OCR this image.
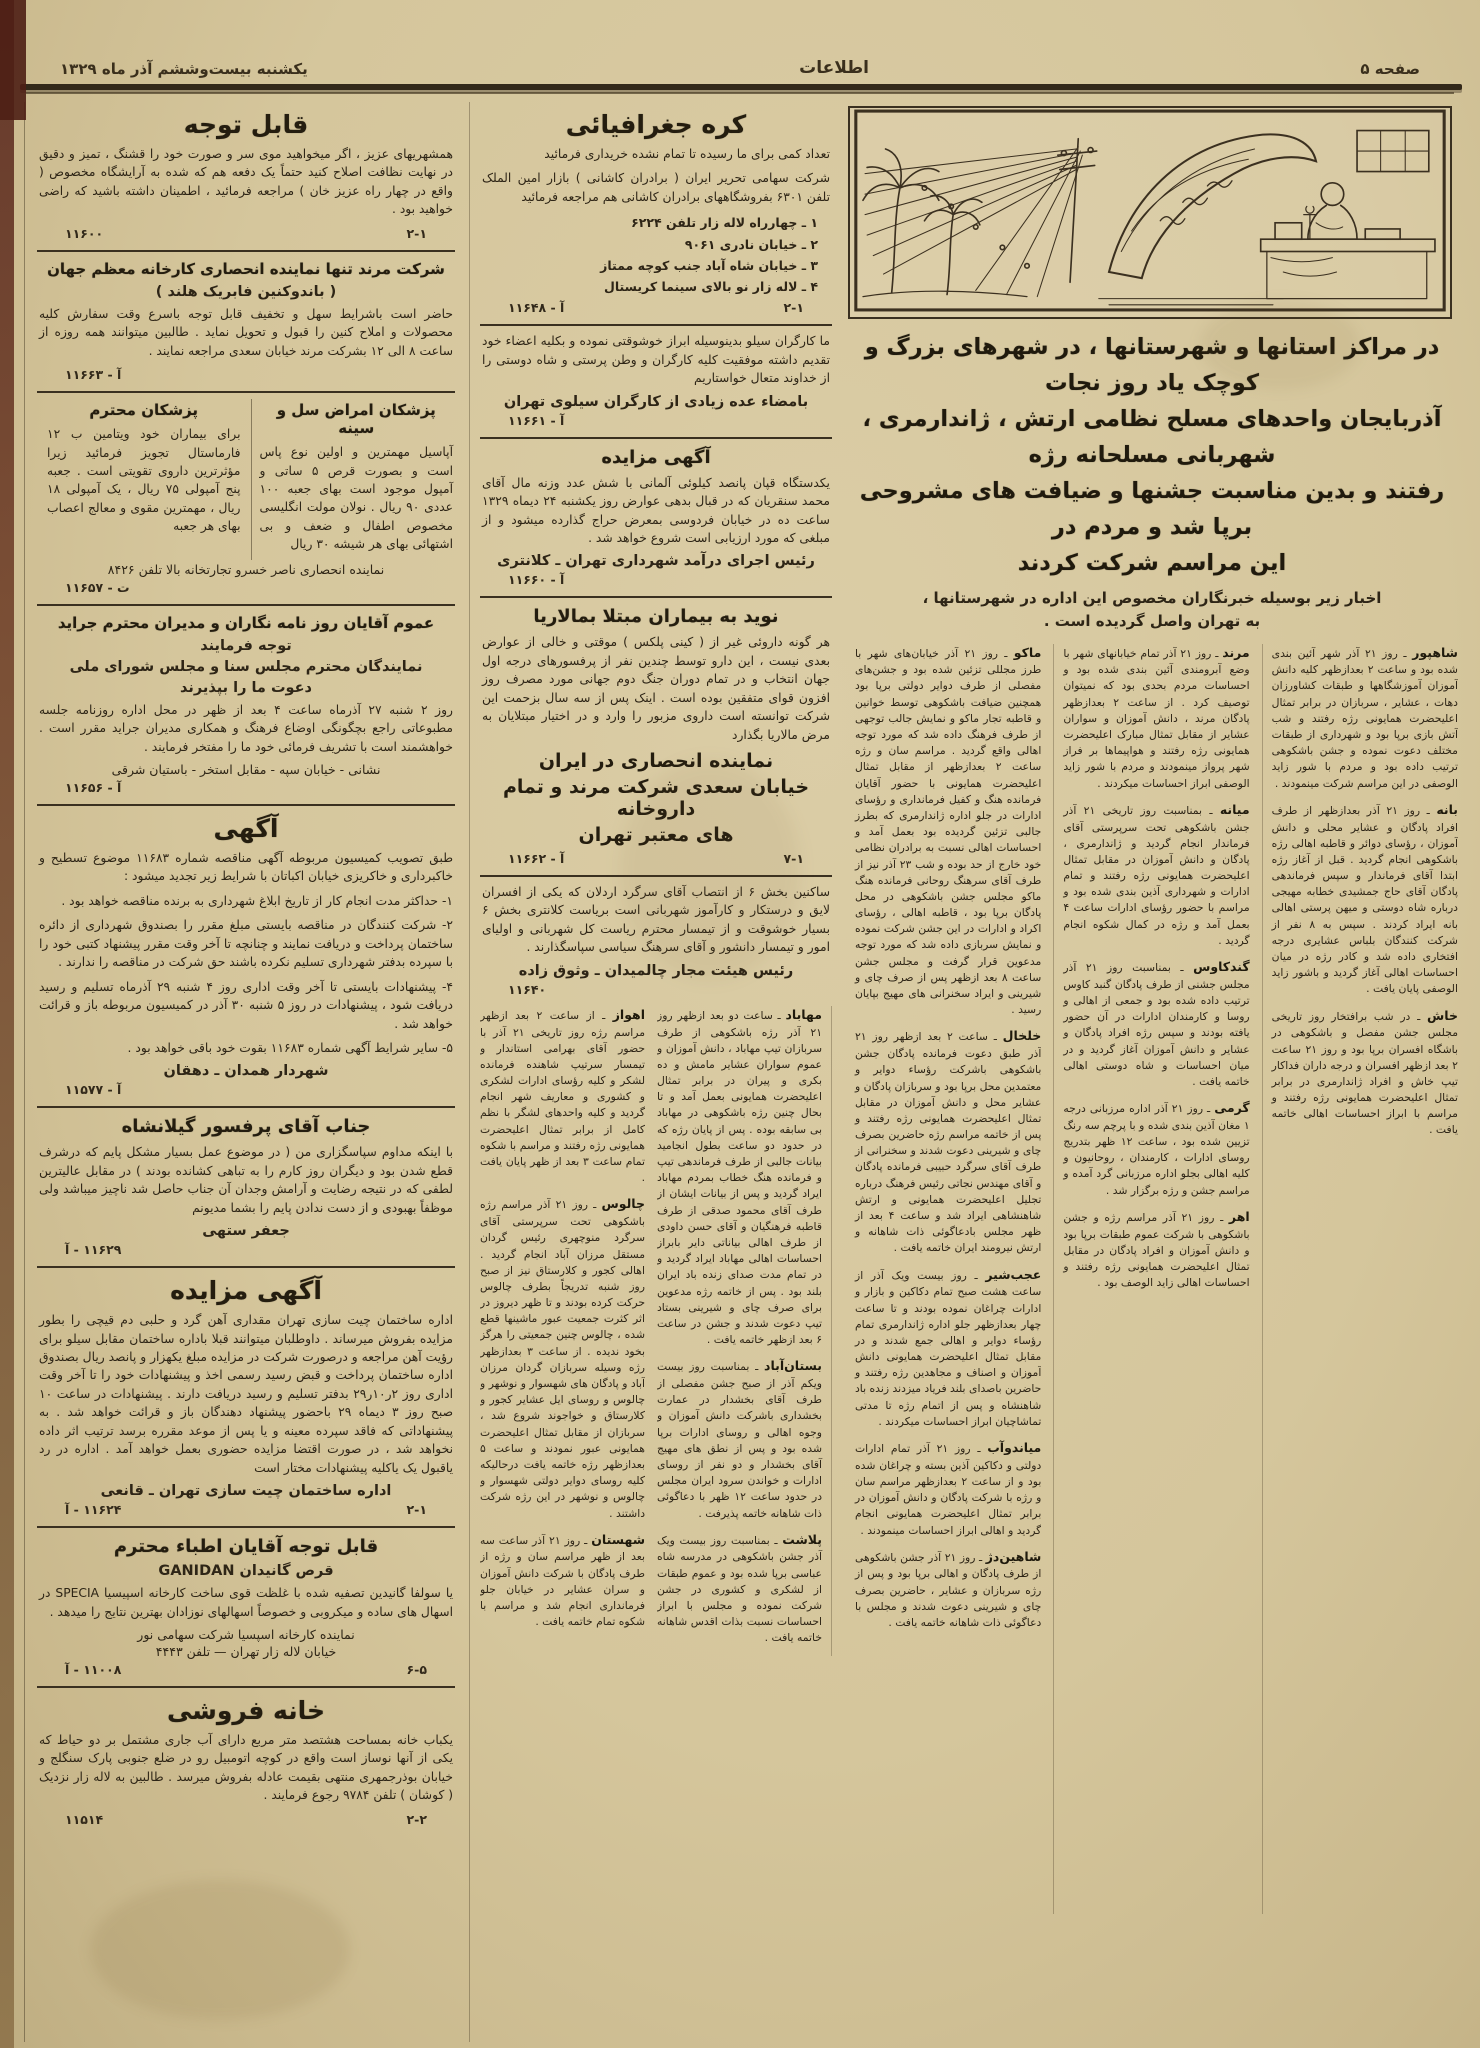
صفحه ۵
اطلاعات
یکشنبه بیست‌وششم آذر ماه ۱۳۲۹
در مراکز استانها و شهرستانها ، در شهرهای بزرگ و کوچک یاد روز نجات
آذربایجان واحدهای مسلح نظامی ارتش ، ژاندارمری ، شهربانی مسلحانه رژه
رفتند و بدین مناسبت جشنها و ضیافت های مشروحی برپا شد و مردم در
این مراسم شرکت کردند

اخبار زیر بوسیله خبرنگاران مخصوص این اداره در شهرستانها ،
به تهران واصل گردیده است .

ماکو ـ روز ۲۱ آذر خیابان‌های شهر با طرز مجللی تزئین شده بود و جشن‌های مفصلی از طرف دوایر دولتی برپا بود همچنین ضیافت باشکوهی توسط خوانین و قاطبه تجار ماکو و نمایش جالب توجهی از طرف فرهنگ داده شد که مورد توجه اهالی واقع گردید . مراسم سان و رژه ساعت ۲ بعدازظهر از مقابل تمثال اعلیحضرت همایونی با حضور آقایان فرمانده هنگ و کفیل فرمانداری و رؤسای ادارات در جلو اداره ژاندارمری که بطرز جالبی تزئین گردیده بود بعمل آمد و احساسات اهالی نسبت به برادران نظامی خود خارج از حد بوده و شب ۲۳ آذر نیز از طرف آقای سرهنگ روحانی فرمانده هنگ ماکو مجلس جشن باشکوهی در محل پادگان برپا بود ، قاطبه اهالی ، رؤسای اکراد و ادارات در این جشن شرکت نموده و نمایش سربازی داده شد که مورد توجه مدعوین قرار گرفت و مجلس جشن ساعت ۸ بعد ازظهر پس از صرف چای و شیرینی و ایراد سخنرانی های مهیج بپایان رسید .

خلخال ـ ساعت ۲ بعد ازظهر روز ۲۱ آذر طبق دعوت فرمانده پادگان جشن باشکوهی باشرکت رؤساء دوایر و معتمدین محل برپا بود و سربازان پادگان و عشایر محل و دانش آموزان در مقابل تمثال اعلیحضرت همایونی رژه رفتند و پس از خاتمه مراسم رژه حاضرین بصرف چای و شیرینی دعوت شدند و سخنرانی از طرف آقای سرگرد حبیبی فرمانده پادگان و آقای مهندس نجاتی رئیس فرهنگ درباره تجلیل اعلیحضرت همایونی و ارتش شاهنشاهی ایراد شد و ساعت ۴ بعد از ظهر مجلس بادعاگوئی ذات شاهانه و ارتش نیرومند ایران خاتمه یافت .

عجب‌شیر ـ روز بیست ویک آذر از ساعت هشت صبح تمام دکاکین و بازار و ادارات چراغان نموده بودند و تا ساعت چهار بعدازظهر جلو اداره ژاندارمری تمام رؤساء دوایر و اهالی جمع شدند و در مقابل تمثال اعلیحضرت همایونی دانش آموزان و اصناف و مجاهدین رژه رفتند و حاضرین باصدای بلند فریاد میزدند زنده باد شاهنشاه و پس از اتمام رژه تا مدتی تماشاچیان ابراز احساسات میکردند .

میاندوآب ـ روز ۲۱ آذر تمام ادارات دولتی و دکاکین آذین بسته و چراغان شده بود و از ساعت ۲ بعدازظهر مراسم سان و رژه با شرکت پادگان و دانش آموزان در برابر تمثال اعلیحضرت همایونی انجام گردید و اهالی ابراز احساسات مینمودند .

شاهین‌دژ ـ روز ۲۱ آذر جشن باشکوهی از طرف پادگان و اهالی برپا بود و پس از رژه سربازان و عشایر ، حاضرین بصرف چای و شیرینی دعوت شدند و مجلس با دعاگوئی ذات شاهانه خاتمه یافت .

مرند ـ روز ۲۱ آذر تمام خیابانهای شهر با وضع آبرومندی آئین بندی شده بود و احساسات مردم بحدی بود که نمیتوان توصیف کرد . از ساعت ۲ بعدازظهر پادگان مرند ، دانش آموزان و سواران عشایر از مقابل تمثال مبارک اعلیحضرت همایونی رژه رفتند و هواپیماها بر فراز شهر پرواز مینمودند و مردم با شور زاید الوصفی ابراز احساسات میکردند .

میانه ـ بمناسبت روز تاریخی ۲۱ آذر جشن باشکوهی تحت سرپرستی آقای فرماندار انجام گردید و ژاندارمری ، پادگان و دانش آموزان در مقابل تمثال اعلیحضرت همایونی رژه رفتند و تمام ادارات و شهرداری آذین بندی شده بود و مراسم با حضور رؤسای ادارات ساعت ۴ بعمل آمد و رژه در کمال شکوه انجام گردید .

گندکاوس ـ بمناسبت روز ۲۱ آذر مجلس جشنی از طرف پادگان گنبد کاوس ترتیب داده شده بود و جمعی از اهالی و روسا و کارمندان ادارات در آن حضور یافته بودند و سپس رژه افراد پادگان و عشایر و دانش آموزان آغاز گردید و در میان احساسات و شاه دوستی اهالی خاتمه یافت .

گرمی ـ روز ۲۱ آذر اداره مرزبانی درجه ۱ مغان آذین بندی شده و با پرچم سه رنگ تزیین شده بود ، ساعت ۱۲ ظهر بتدریج روسای ادارات ، کارمندان ، روحانیون و کلیه اهالی بجلو اداره مرزبانی گرد آمده و مراسم جشن و رژه برگزار شد .

اهر ـ روز ۲۱ آذر مراسم رژه و جشن باشکوهی با شرکت عموم طبقات برپا بود و دانش آموزان و افراد پادگان در مقابل تمثال اعلیحضرت همایونی رژه رفتند و احساسات اهالی زاید الوصف بود .

شاهپور ـ روز ۲۱ آذر شهر آئین بندی شده بود و ساعت ۲ بعدازظهر کلیه دانش آموزان آموزشگاهها و طبقات کشاورزان دهات ، عشایر ، سربازان در برابر تمثال اعلیحضرت همایونی رژه رفتند و شب آتش بازی برپا بود و شهرداری از طبقات مختلف دعوت نموده و جشن باشکوهی ترتیب داده بود و مردم با شور زاید الوصفی در این مراسم شرکت مینمودند .

بانه ـ روز ۲۱ آذر بعدازظهر از طرف افراد پادگان و عشایر محلی و دانش آموزان ، رؤسای دوائر و قاطبه اهالی رژه باشکوهی انجام گردید . قبل از آغاز رژه ابتدا آقای فرماندار و سپس فرماندهی پادگان آقای حاج جمشیدی خطابه مهیجی درباره شاه دوستی و میهن پرستی اهالی بانه ایراد کردند . سپس به ۸ نفر از شرکت کنندگان بلباس عشایری درجه افتخاری داده شد و کادر رژه در میان احساسات اهالی آغاز گردید و باشور زاید الوصفی پایان یافت .

خاش ـ در شب برافتخار روز تاریخی مجلس جشن مفصل و باشکوهی در باشگاه افسران برپا بود و روز ۲۱ ساعت ۲ بعد ازظهر افسران و درجه داران فداکار تیپ خاش و افراد ژاندارمری در برابر تمثال اعلیحضرت همایونی رژه رفتند و مراسم با ابراز احساسات اهالی خاتمه یافت .

کره جغرافیائی

تعداد کمی برای ما رسیده تا تمام نشده خریداری فرمائید

شرکت سهامی تحریر ایران ( برادران کاشانی ) بازار امین الملک تلفن ۶۳۰۱ بفروشگاههای برادران کاشانی هم مراجعه فرمائید

۱ ـ چهارراه لاله زار تلفن ۶۲۲۴
۲ ـ خیابان نادری ۹۰۶۱
۳ ـ خیابان شاه آباد جنب کوچه ممتاز
۴ ـ لاله زار نو بالای سینما کریستال
۲-۱
آ - ۱۱۶۴۸

ما کارگران سیلو بدینوسیله ابراز خوشوقتی نموده و بکلیه اعضاء خود تقدیم داشته موفقیت کلیه کارگران و وطن پرستی و شاه دوستی را از خداوند متعال خواستاریم

بامضاء عده زیادی از کارگران سیلوی تهران
آ - ۱۱۶۶۱
آگهی مزایده

یکدستگاه قپان پانصد کیلوئی آلمانی با شش عدد وزنه مال آقای محمد سنقریان که در قبال بدهی عوارض روز یکشنبه ۲۴ دیماه ۱۳۲۹ ساعت ده در خیابان فردوسی بمعرض حراج گذارده میشود و از مبلغی که مورد ارزیابی است شروع خواهد شد .

رئیس اجرای درآمد شهرداری تهران ـ کلانتری
آ - ۱۱۶۶۰
نوید به بیماران مبتلا بمالاریا

هر گونه داروئی غیر از ( کینی پلکس ) موقتی و خالی از عوارض بعدی نیست ، این دارو توسط چندین نفر از پرفسورهای درجه اول جهان انتخاب و در تمام دوران جنگ دوم جهانی مورد مصرف روز افزون قوای متفقین بوده است . اینک پس از سه سال بزحمت این شرکت توانسته است داروی مزبور را وارد و در اختیار مبتلایان به مرض مالاریا بگذارد

نماینده انحصاری در ایران
خیابان سعدی شرکت مرند و تمام داروخانه
های معتبر تهران
۷-۱
آ - ۱۱۶۶۲

ساکنین بخش ۶ از انتصاب آقای سرگرد اردلان که یکی از افسران لایق و درستکار و کارآموز شهربانی است بریاست کلانتری بخش ۶ بسیار خوشوقت و از تیمسار محترم ریاست کل شهربانی و اولیای امور و تیمسار دانشور و آقای سرهنگ سیاسی سپاسگذارند .

رئیس هیئت مجار چالمیدان ـ وثوق زاده
۱۱۶۴۰

اهواز ـ از ساعت ۲ بعد ازظهر مراسم رژه روز تاریخی ۲۱ آذر با حضور آقای بهرامی استاندار و تیمسار سرتیپ شاهنده فرمانده لشکر و کلیه رؤسای ادارات لشکری و کشوری و معاریف شهر انجام گردید و کلیه واحدهای لشگر با نظم کامل از برابر تمثال اعلیحضرت همایونی رژه رفتند و مراسم با شکوه تمام ساعت ۳ بعد از ظهر پایان یافت .

چالوس ـ روز ۲۱ آذر مراسم رژه باشکوهی تحت سرپرستی آقای سرگرد منوچهری رئیس گردان مستقل مرزان آباد انجام گردید . اهالی کجور و کلارستاق نیز از صبح روز شنبه تدریجاً بطرف چالوس حرکت کرده بودند و تا ظهر دیروز در اثر کثرت جمعیت عبور ماشینها قطع شده ، چالوس چنین جمعیتی را هرگز بخود ندیده . از ساعت ۳ بعدازظهر رژه وسیله سربازان گردان مرزان آباد و پادگان های شهسوار و نوشهر و چالوس و روسای ایل عشایر کجور و کلارستاق و خواجوند شروع شد ، سربازان از مقابل تمثال اعلیحضرت همایونی عبور نمودند و ساعت ۵ بعدازظهر رژه خاتمه یافت درحالیکه کلیه روسای دوایر دولتی شهسوار و چالوس و نوشهر در این رژه شرکت داشتند .

شهستان ـ روز ۲۱ آذر ساعت سه بعد از ظهر مراسم سان و رژه از طرف پادگان با شرکت دانش آموزان و سران عشایر در خیابان جلو فرمانداری انجام شد و مراسم با شکوه تمام خاتمه یافت .

مهاباد ـ ساعت دو بعد ازظهر روز ۲۱ آذر رژه باشکوهی از طرف سربازان تیپ مهاباد ، دانش آموزان و عموم سواران عشایر مامش و ده بکری و پیران در برابر تمثال اعلیحضرت همایونی بعمل آمد و تا بحال چنین رژه باشکوهی در مهاباد بی سابقه بوده . پس از پایان رژه که در حدود دو ساعت بطول انجامید بیانات جالبی از طرف فرماندهی تیپ و فرمانده هنگ خطاب بمردم مهاباد ایراد گردید و پس از بیانات ایشان از طرف آقای محمود صدقی از طرف قاطبه فرهنگیان و آقای حسن داودی از طرف اهالی بیاناتی دایر بابراز احساسات اهالی مهاباد ایراد گردید و در تمام مدت صدای زنده باد ایران بلند بود . پس از خاتمه رژه مدعوین برای صرف چای و شیرینی بستاد تیپ دعوت شدند و جشن در ساعت ۶ بعد ازظهر خاتمه یافت .

بستان‌آباد ـ بمناسبت روز بیست ویکم آذر از صبح جشن مفصلی از طرف آقای بخشدار در عمارت بخشداری باشرکت دانش آموزان و وجوه اهالی و روسای ادارات برپا شده بود و پس از نطق های مهیج آقای بخشدار و دو نفر از روسای ادارات و خواندن سرود ایران مجلس در حدود ساعت ۱۲ ظهر با دعاگوئی ذات شاهانه خاتمه پذیرفت .

پلاشت ـ بمناسبت روز بیست ویک آذر جشن باشکوهی در مدرسه شاه عباسی برپا شده بود و عموم طبقات از لشکری و کشوری در جشن شرکت نموده و مجلس با ابراز احساسات نسبت بذات اقدس شاهانه خاتمه یافت .

قابل توجه

همشهریهای عزیز ، اگر میخواهید موی سر و صورت خود را قشنگ ، تمیز و دقیق در نهایت نظافت اصلاح کنید حتماً یک دفعه هم که شده به آرایشگاه مخصوص ( واقع در چهار راه عزیز خان ) مراجعه فرمائید ، اطمینان داشته باشید که راضی خواهید بود .

۲-۱
۱۱۶۰۰
شرکت مرند تنها نماینده انحصاری کارخانه معظم جهان
( باندوکنین فابریک هلند )

حاضر است باشرایط سهل و تخفیف قابل توجه باسرع وقت سفارش کلیه محصولات و املاح کنین را قبول و تحویل نماید . طالبین میتوانند همه روزه از ساعت ۸ الی ۱۲ بشرکت مرند خیابان سعدی مراجعه نمایند .

آ - ۱۱۶۶۳
پزشکان محترم

برای بیماران خود ویتامین ب ۱۲ فارماستال تجویز فرمائید زیرا مؤثرترین داروی تقویتی است . جعبه پنج آمپولی ۷۵ ریال ، یک آمپولی ۱۸ ریال ، مهمترین مقوی و معالج اعصاب بهای هر جعبه

پزشکان امراض سل و سینه

آپاسیل مهمترین و اولین نوع پاس است و بصورت قرص ۵ ساتی و آمپول موجود است بهای جعبه ۱۰۰ عددی ۹۰ ریال . نولان مولت انگلیسی مخصوص اطفال و ضعف و بی اشتهائی بهای هر شیشه ۳۰ ریال

نماینده انحصاری ناصر خسرو تجارتخانه بالا تلفن ۸۴۲۶
ت - ۱۱۶۵۷
عموم آقایان روز نامه نگاران و مدیران محترم جراید
توجه فرمایند
نمایندگان محترم مجلس سنا و مجلس شورای ملی
دعوت ما را بپذیرند

روز ۲ شنبه ۲۷ آذرماه ساعت ۴ بعد از ظهر در محل اداره روزنامه جلسه مطبوعاتی راجع بچگونگی اوضاع فرهنگ و همکاری مدیران جراید مقرر است . خواهشمند است با تشریف فرمائی خود ما را مفتخر فرمایند .

نشانی - خیابان سپه - مقابل استخر - باستیان شرقی
آ - ۱۱۶۵۶
آگهی

طبق تصویب کمیسیون مربوطه آگهی مناقصه شماره ۱۱۶۸۳ موضوع تسطیح و خاکبرداری و خاکریزی خیابان اکباتان با شرایط زیر تجدید میشود :

۱- حداکثر مدت انجام کار از تاریخ ابلاغ شهرداری به برنده مناقصه خواهد بود .

۲- شرکت کنندگان در مناقصه بایستی مبلغ مقرر را بصندوق شهرداری از دائره ساختمان پرداخت و دریافت نمایند و چنانچه تا آخر وقت مقرر پیشنهاد کتبی خود را با سپرده بدفتر شهرداری تسلیم نکرده باشند حق شرکت در مناقصه را ندارند .

۴- پیشنهادات بایستی تا آخر وقت اداری روز ۴ شنبه ۲۹ آذرماه تسلیم و رسید دریافت شود ، پیشنهادات در روز ۵ شنبه ۳۰ آذر در کمیسیون مربوطه باز و قرائت خواهد شد .

۵- سایر شرایط آگهی شماره ۱۱۶۸۳ بقوت خود باقی خواهد بود .

شهردار همدان ـ دهقان
آ - ۱۱۵۷۷
جناب آقای پرفسور گیلانشاه

با اینکه مداوم سپاسگزاری من ( در موضوع عمل بسیار مشکل پایم که درشرف قطع شدن بود و دیگران روز کارم را به تباهی کشانده بودند ) در مقابل عالیترین لطفی که در نتیجه رضایت و آرامش وجدان آن جناب حاصل شد ناچیز میباشد ولی موظفاً بهبودی و از دست ندادن پایم را بشما مدیونم

جعفر ستهی
۱۱۶۲۹ - آ
آگهی مزایده

اداره ساختمان چیت سازی تهران مقداری آهن گرد و حلبی دم قیچی را بطور مزایده بفروش میرساند . داوطلبان میتوانند قبلا باداره ساختمان مقابل سیلو برای رؤیت آهن مراجعه و درصورت شرکت در مزایده مبلغ یکهزار و پانصد ریال بصندوق اداره ساختمان پرداخت و قبض رسید رسمی اخذ و پیشنهادات خود را تا آخر وقت اداری روز ۲ر۱۰ر۲۹ بدفتر تسلیم و رسید دریافت دارند . پیشنهادات در ساعت ۱۰ صبح روز ۳ دیماه ۲۹ باحضور پیشنهاد دهندگان باز و قرائت خواهد شد . به پیشنهاداتی که فاقد سپرده معینه و یا پس از موعد مقرره برسد ترتیب اثر داده نخواهد شد ، در صورت اقتضا مزایده حضوری بعمل خواهد آمد . اداره در رد یاقبول یک یاکلیه پیشنهادات مختار است

اداره ساختمان چیت سازی تهران ـ قانعی
۲-۱
۱۱۶۲۴ - آ
قابل توجه آقایان اطباء محترم
قرص گانیدان GANIDAN

یا سولفا گانیدین تصفیه شده با غلظت قوی ساخت کارخانه اسپیسیا SPECIA در اسهال های ساده و میکروبی و خصوصاً اسهالهای نوزادان بهترین نتایج را میدهد .

نماینده کارخانه اسپسیا شرکت سهامی نور
خیابان لاله زار تهران — تلفن ۴۴۴۳
۶-۵
۱۱۰۰۸ - آ
خانه فروشی

یکباب خانه بمساحت هشتصد متر مربع دارای آب جاری مشتمل بر دو حیاط که یکی از آنها نوساز است واقع در کوچه اتومبیل رو در ضلع جنوبی پارک سنگلج و خیابان بوذرجمهری منتهی بقیمت عادله بفروش میرسد . طالبین به لاله زار نزدیک ( کوشان ) تلفن ۹۷۸۴ رجوع فرمایند .

۲-۲
۱۱۵۱۴
